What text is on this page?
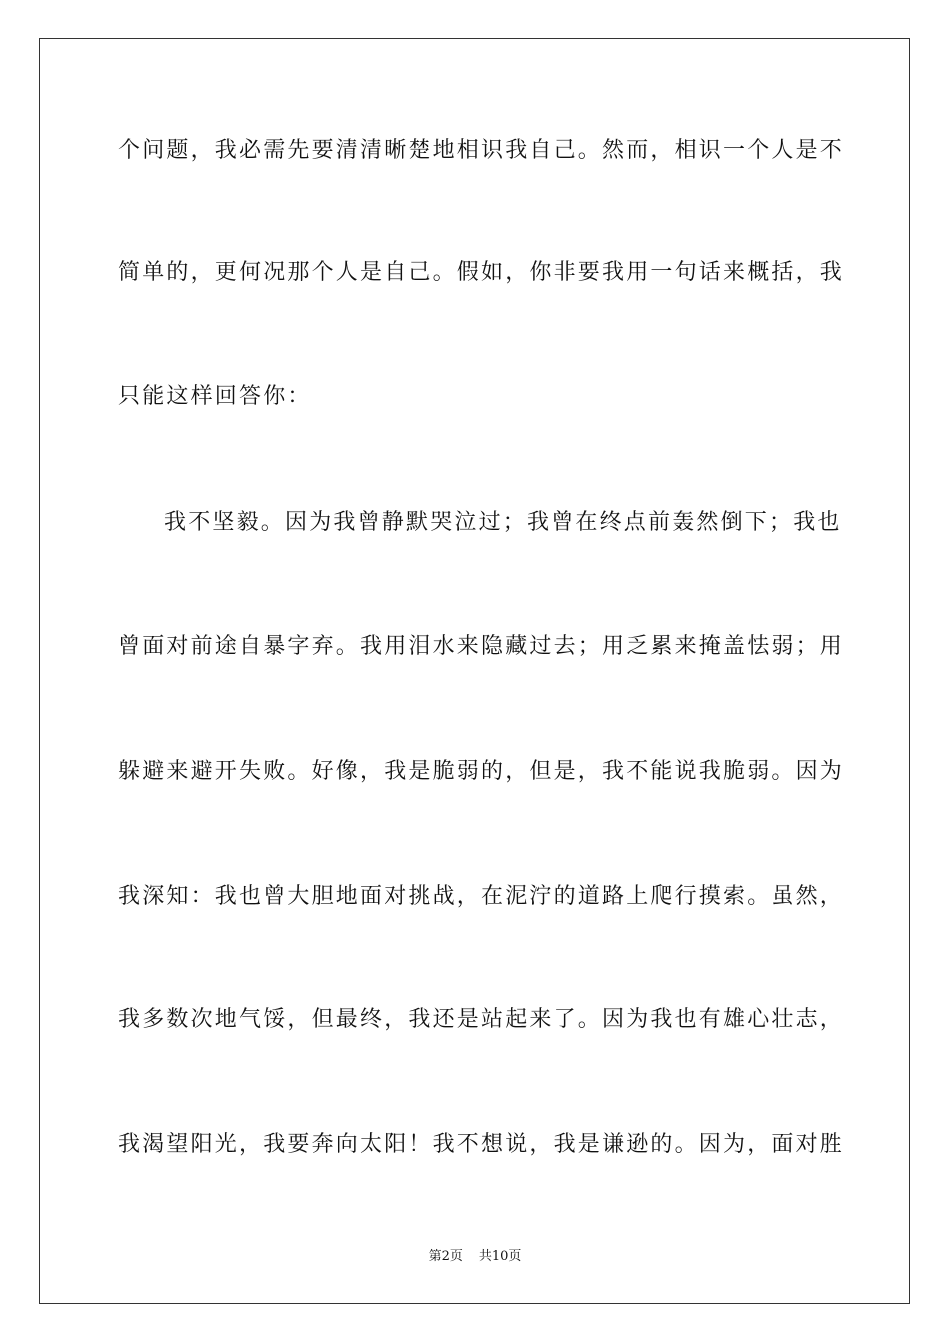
个问题，我必需先要清清晰楚地相识我自己。然而，相识一个人是不
简单的，更何况那个人是自己。假如，你非要我用一句话来概括，我
只能这样回答你：
我不坚毅。因为我曾静默哭泣过；我曾在终点前轰然倒下；我也
曾面对前途自暴字弃。我用泪水来隐藏过去；用乏累来掩盖怯弱；用
躲避来避开失败。好像，我是脆弱的，但是，我不能说我脆弱。因为
我深知：我也曾大胆地面对挑战，在泥泞的道路上爬行摸索。虽然，
我多数次地气馁，但最终，我还是站起来了。因为我也有雄心壮志，
我渴望阳光，我要奔向太阳！我不想说，我是谦逊的。因为，面对胜
第2页 共10页
